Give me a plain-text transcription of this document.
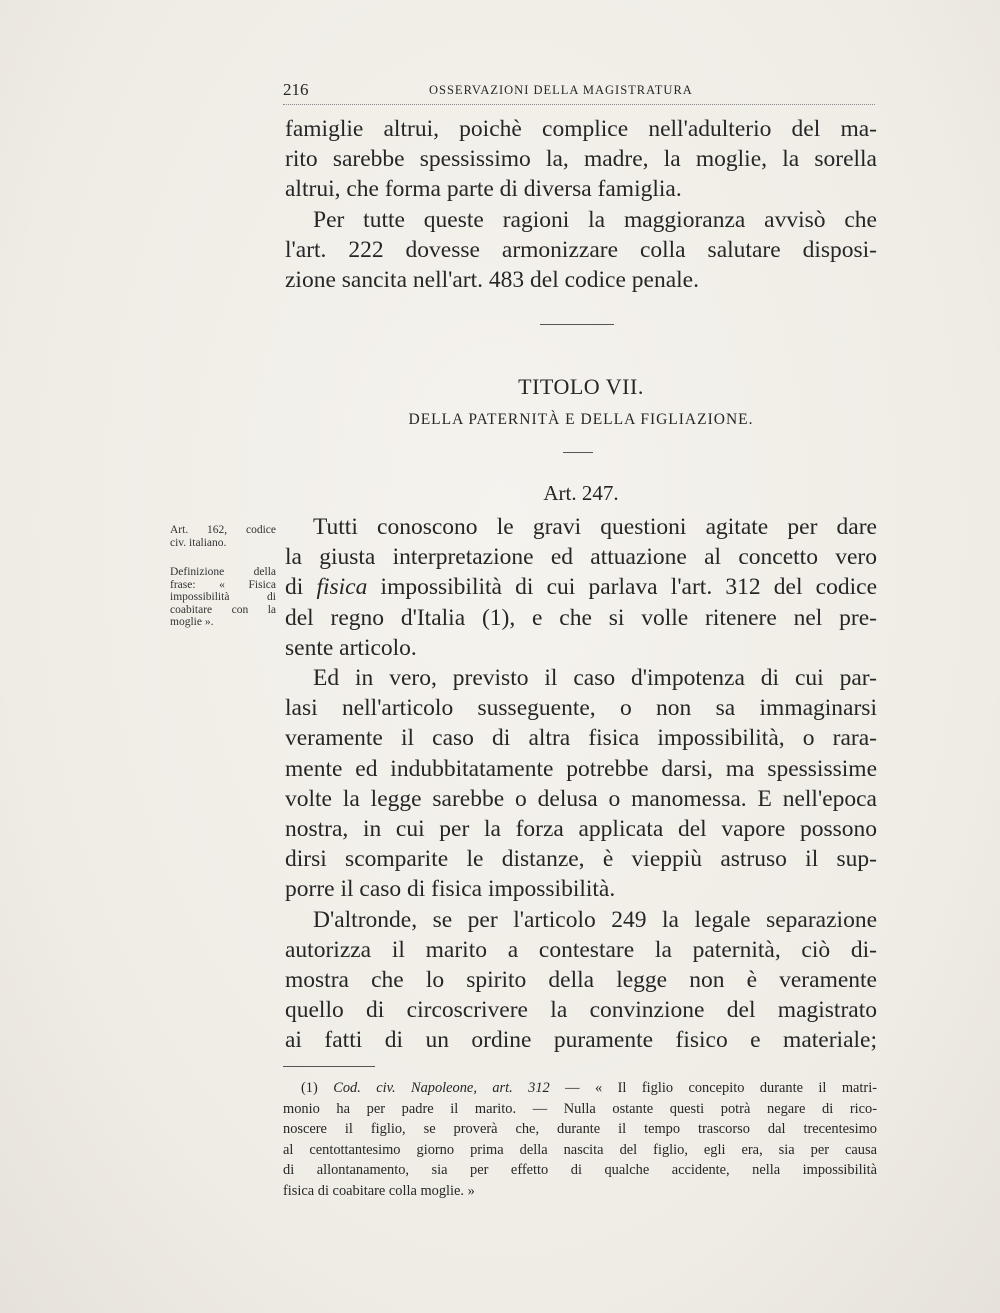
216	OSSERVAZIONI DELLA MAGISTRATURA
famiglie altrui, poichè complice nell'adulterio del ma-
rito sarebbe spessissimo la, madre, la moglie, la sorella
altrui, che forma parte di diversa famiglia.
Per tutte queste ragioni la maggioranza avvisò che
l'art. 222 dovesse armonizzare colla salutare disposi-
zione sancita nell'art. 483 del codice penale.
TITOLO VII.
DELLA PATERNITÀ E DELLA FIGLIAZIONE.
Art. 247.
Art. 162, codice
civ. italiano.
Definizione della
frase: « Fisica
impossibilità di
coabitare con la
moglie ».
Tutti conoscono le gravi questioni agitate per dare
la giusta interpretazione ed attuazione al concetto vero
di fisica impossibilità di cui parlava l'art. 312 del codice
del regno d'Italia (1), e che si volle ritenere nel pre-
sente articolo.
Ed in vero, previsto il caso d'impotenza di cui par-
lasi nell'articolo susseguente, o non sa immaginarsi
veramente il caso di altra fisica impossibilità, o rara-
mente ed indubbitatamente potrebbe darsi, ma spessissime
volte la legge sarebbe o delusa o manomessa. E nell'epoca
nostra, in cui per la forza applicata del vapore possono
dirsi scomparite le distanze, è vieppiù astruso il sup-
porre il caso di fisica impossibilità.
D'altronde, se per l'articolo 249 la legale separazione
autorizza il marito a contestare la paternità, ciò di-
mostra che lo spirito della legge non è veramente
quello di circoscrivere la convinzione del magistrato
ai fatti di un ordine puramente fisico e materiale;
(1) Cod. civ. Napoleone, art. 312 — « Il figlio concepito durante il matri-
monio ha per padre il marito. — Nulla ostante questi potrà negare di rico-
noscere il figlio, se proverà che, durante il tempo trascorso dal trecentesimo
al centottantesimo giorno prima della nascita del figlio, egli era, sia per causa
di allontanamento, sia per effetto di qualche accidente, nella impossibilità
fisica di coabitare colla moglie. »
